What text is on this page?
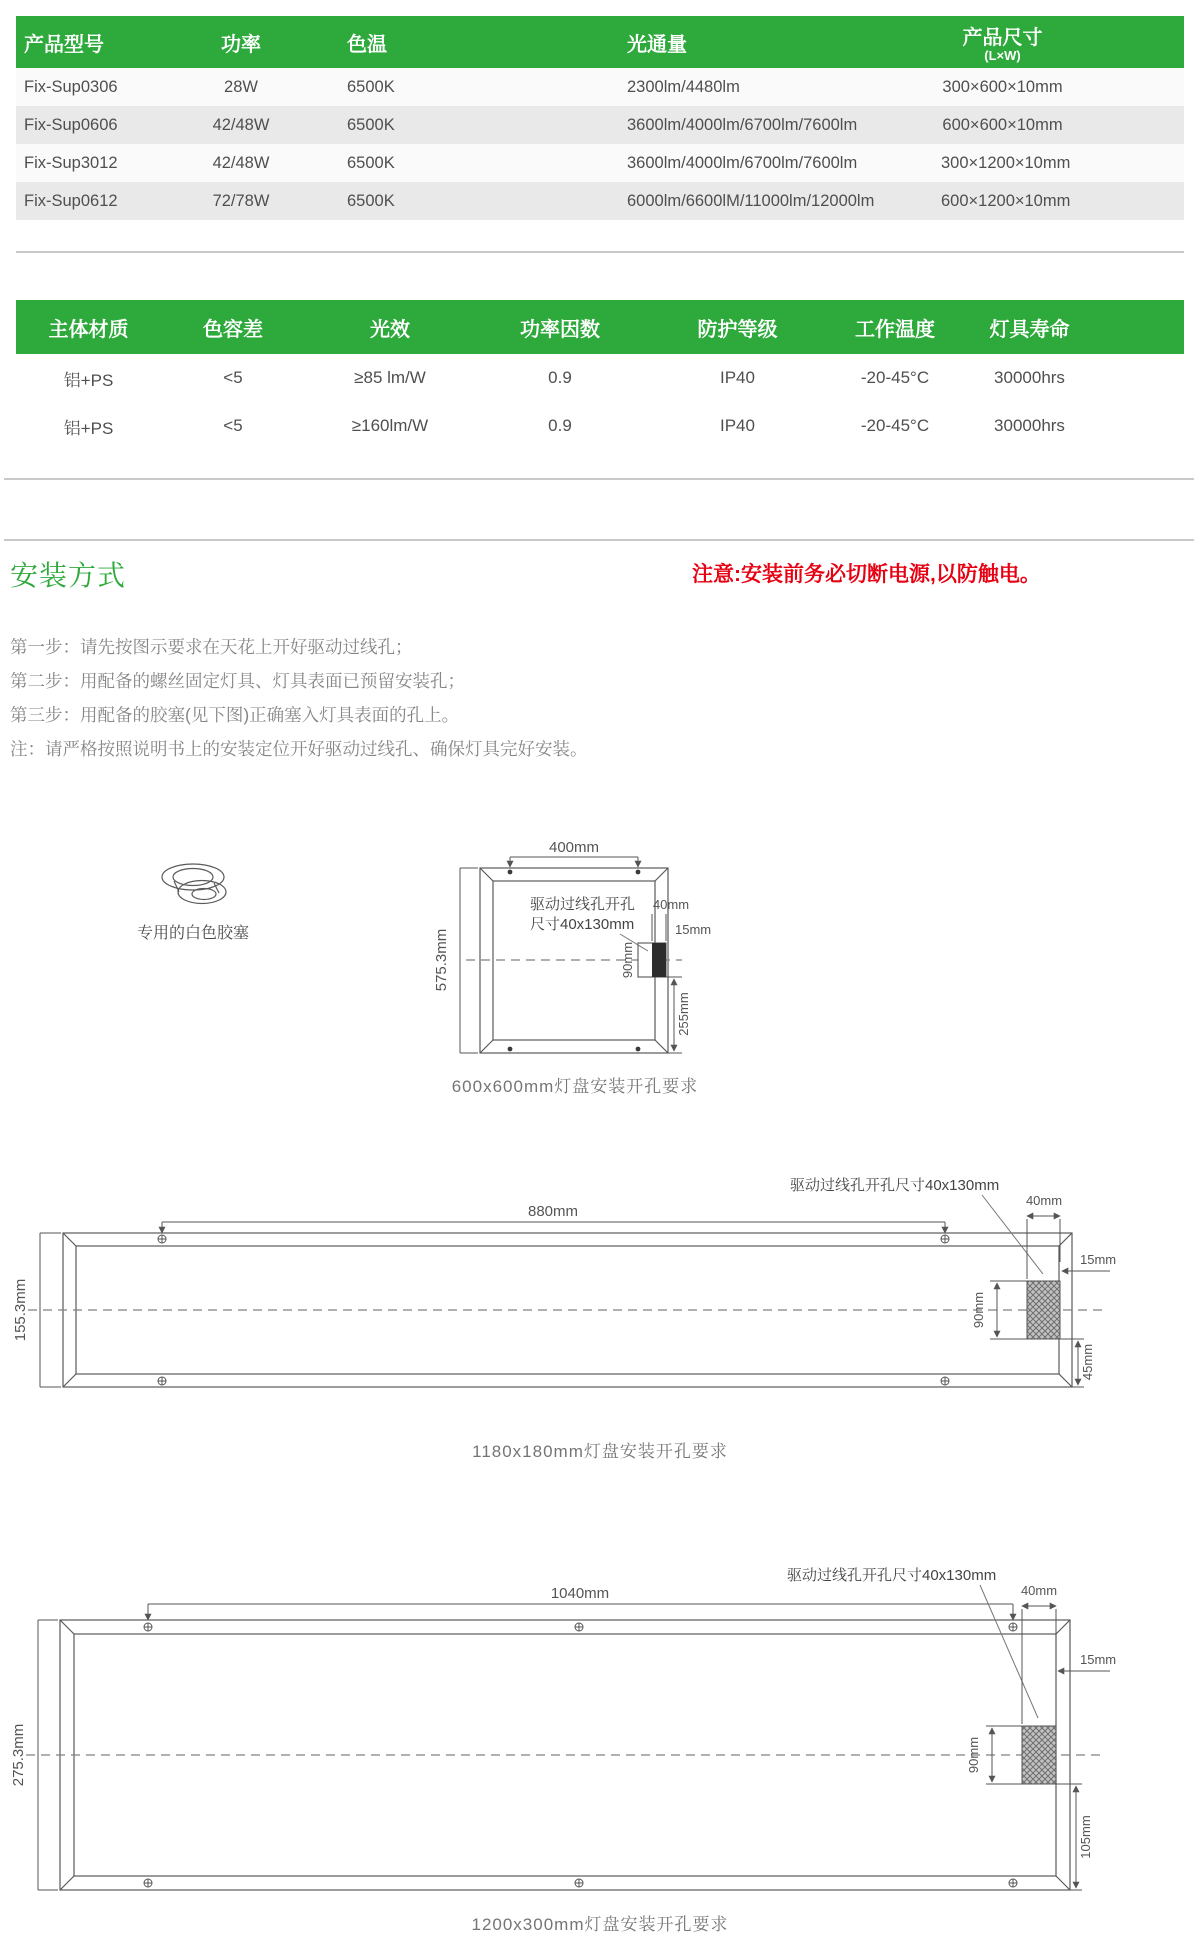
产品型号	功率	色温	光通量	产品尺寸
(L×W)

Fix-Sup0306	28W	6500K	2300lm/4480lm	300×600×10mm
Fix-Sup0606	42/48W	6500K	3600lm/4000lm/6700lm/7600lm	600×600×10mm
Fix-Sup3012	42/48W	6500K	3600lm/4000lm/6700lm/7600lm	300×1200×10mm
Fix-Sup0612	72/78W	6500K	6000lm/6600lM/11000lm/12000lm	600×1200×10mm
主体材质	色容差	光效	功率因数	防护等级	工作温度	灯具寿命
铝+PS	<5	≥85 lm/W	0.9	IP40	-20-45°C	30000hrs
铝+PS	<5	≥160lm/W	0.9	IP40	-20-45°C	30000hrs
安装方式	注意:安装前务必切断电源,以防触电。
第一步：请先按图示要求在天花上开好驱动过线孔；
第二步：用配备的螺丝固定灯具、灯具表面已预留安装孔；
第三步：用配备的胶塞(见下图)正确塞入灯具表面的孔上。
注：请严格按照说明书上的安装定位开好驱动过线孔、确保灯具完好安装。
专用的白色胶塞
400mm
575.3mm
驱动过线孔开孔
尺寸40x130mm
40mm
15mm
90mm
255mm
600x600mm灯盘安装开孔要求
880mm
155.3mm
驱动过线孔开孔尺寸40x130mm
90mm
40mm
15mm
45mm
1180x180mm灯盘安装开孔要求
1040mm
275.3mm
驱动过线孔开孔尺寸40x130mm
90mm
40mm
15mm
105mm
1200x300mm灯盘安装开孔要求
